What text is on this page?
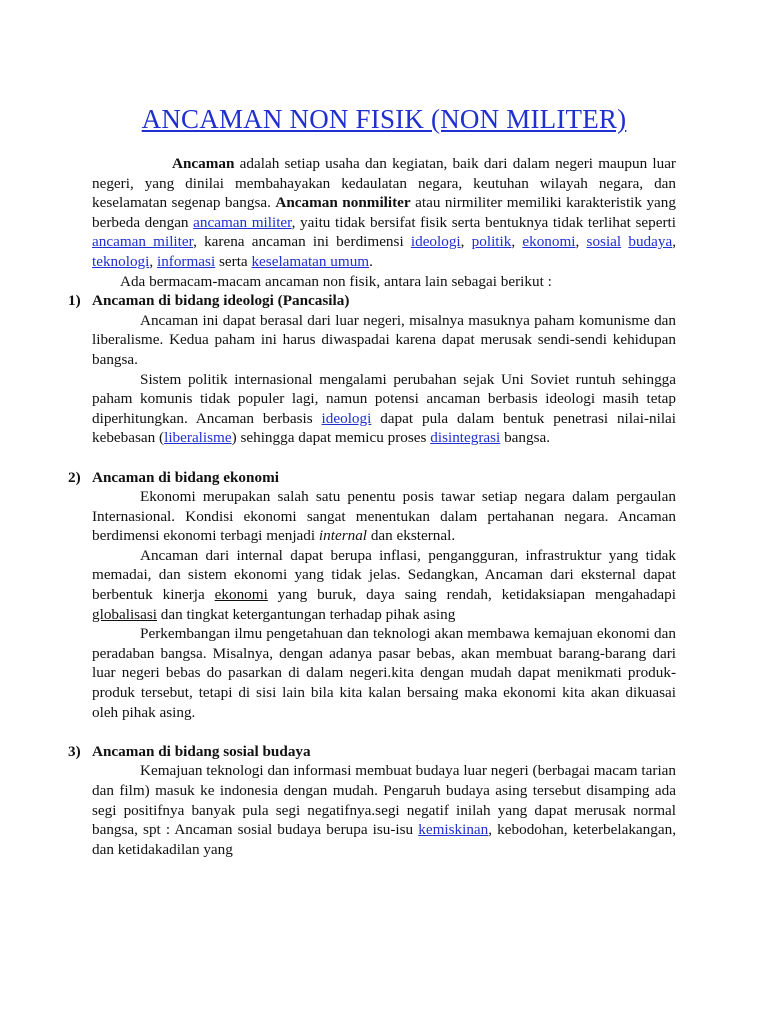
ANCAMAN NON FISIK (NON MILITER)

Ancaman adalah setiap usaha dan kegiatan, baik dari dalam negeri maupun luar negeri, yang dinilai membahayakan kedaulatan negara, keutuhan wilayah negara, dan keselamatan segenap bangsa. Ancaman nonmiliter atau nirmiliter memiliki karakteristik yang berbeda dengan ancaman militer, yaitu tidak bersifat fisik serta bentuknya tidak terlihat seperti ancaman militer, karena ancaman ini berdimensi ideologi, politik, ekonomi, sosial budaya, teknologi, informasi serta keselamatan umum.

Ada bermacam-macam ancaman non fisik, antara lain sebagai berikut :

1) Ancaman di bidang ideologi (Pancasila)

Ancaman ini dapat berasal dari luar negeri, misalnya masuknya paham komunisme dan liberalisme. Kedua paham ini harus diwaspadai karena dapat merusak sendi-sendi kehidupan bangsa.

Sistem politik internasional mengalami perubahan sejak Uni Soviet runtuh sehingga paham komunis tidak populer lagi, namun potensi ancaman berbasis ideologi masih tetap diperhitungkan. Ancaman berbasis ideologi dapat pula dalam bentuk penetrasi nilai-nilai kebebasan (liberalisme) sehingga dapat memicu proses disintegrasi bangsa.

2) Ancaman di bidang ekonomi

Ekonomi merupakan salah satu penentu posis tawar setiap negara dalam pergaulan Internasional. Kondisi ekonomi sangat menentukan dalam pertahanan negara. Ancaman berdimensi ekonomi terbagi menjadi internal dan eksternal.

Ancaman dari internal dapat berupa inflasi, pengangguran, infrastruktur yang tidak memadai, dan sistem ekonomi yang tidak jelas. Sedangkan, Ancaman dari eksternal dapat berbentuk kinerja ekonomi yang buruk, daya saing rendah, ketidaksiapan mengahadapi globalisasi dan tingkat ketergantungan terhadap pihak asing

Perkembangan ilmu pengetahuan dan teknologi akan membawa kemajuan ekonomi dan peradaban bangsa. Misalnya, dengan adanya pasar bebas, akan membuat barang-barang dari luar negeri bebas do pasarkan di dalam negeri.kita dengan mudah dapat menikmati produk-produk tersebut, tetapi di sisi lain bila kita kalan bersaing maka ekonomi kita akan dikuasai oleh pihak asing.

3) Ancaman di bidang sosial budaya

Kemajuan teknologi dan informasi membuat budaya luar negeri (berbagai macam tarian dan film) masuk ke indonesia dengan mudah. Pengaruh budaya asing tersebut disamping ada segi positifnya banyak pula segi negatifnya.segi negatif inilah yang dapat merusak normal bangsa, spt : Ancaman sosial budaya berupa isu-isu kemiskinan, kebodohan, keterbelakangan, dan ketidakadilan yang
